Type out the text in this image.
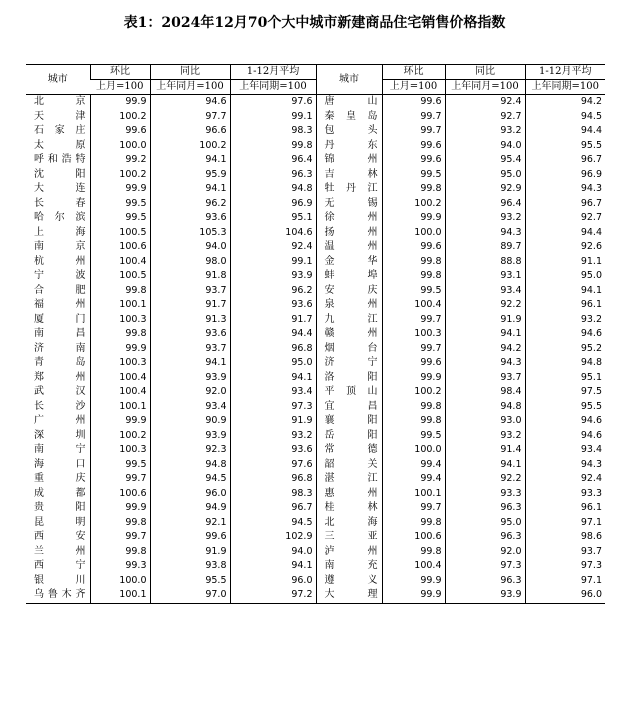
表1：2024年12月70个大中城市新建商品住宅销售价格指数
城市	环比	同比	1-12月平均	城市	环比	同比	1-12月平均
	上月=100	上年同月=100	上年同期=100		上月=100	上年同月=100	上年同期=100
北京	99.9	94.6	97.6	唐山	99.6	92.4	94.2
天津	100.2	97.7	99.1	秦皇岛	99.7	92.7	94.5
石家庄	99.6	96.6	98.3	包头	99.7	93.2	94.4
太原	100.0	100.2	99.8	丹东	99.6	94.0	95.5
呼和浩特	99.2	94.1	96.4	锦州	99.6	95.4	96.7
沈阳	100.2	95.9	96.3	吉林	99.5	95.0	96.9
大连	99.9	94.1	94.8	牡丹江	99.8	92.9	94.3
长春	99.5	96.2	96.9	无锡	100.2	96.4	96.7
哈尔滨	99.5	93.6	95.1	徐州	99.9	93.2	92.7
上海	100.5	105.3	104.6	扬州	100.0	94.3	94.4
南京	100.6	94.0	92.4	温州	99.6	89.7	92.6
杭州	100.4	98.0	99.1	金华	99.8	88.8	91.1
宁波	100.5	91.8	93.9	蚌埠	99.8	93.1	95.0
合肥	99.8	93.7	96.2	安庆	99.5	93.4	94.1
福州	100.1	91.7	93.6	泉州	100.4	92.2	96.1
厦门	100.3	91.3	91.7	九江	99.7	91.9	93.2
南昌	99.8	93.6	94.4	赣州	100.3	94.1	94.6
济南	99.9	93.7	96.8	烟台	99.7	94.2	95.2
青岛	100.3	94.1	95.0	济宁	99.6	94.3	94.8
郑州	100.4	93.9	94.1	洛阳	99.9	93.7	95.1
武汉	100.4	92.0	93.4	平顶山	100.2	98.4	97.5
长沙	100.1	93.4	97.3	宜昌	99.8	94.8	95.5
广州	99.9	90.9	91.9	襄阳	99.8	93.0	94.6
深圳	100.2	93.9	93.2	岳阳	99.5	93.2	94.6
南宁	100.3	92.3	93.6	常德	100.0	91.4	93.4
海口	99.5	94.8	97.6	韶关	99.4	94.1	94.3
重庆	99.7	94.5	96.8	湛江	99.4	92.2	92.4
成都	100.6	96.0	98.3	惠州	100.1	93.3	93.3
贵阳	99.9	94.9	96.7	桂林	99.7	96.3	96.1
昆明	99.8	92.1	94.5	北海	99.8	95.0	97.1
西安	99.7	99.6	102.9	三亚	100.6	96.3	98.6
兰州	99.8	91.9	94.0	泸州	99.8	92.0	93.7
西宁	99.3	93.8	94.1	南充	100.4	97.3	97.3
银川	100.0	95.5	96.0	遵义	99.9	96.3	97.1
乌鲁木齐	100.1	97.0	97.2	大理	99.9	93.9	96.0
